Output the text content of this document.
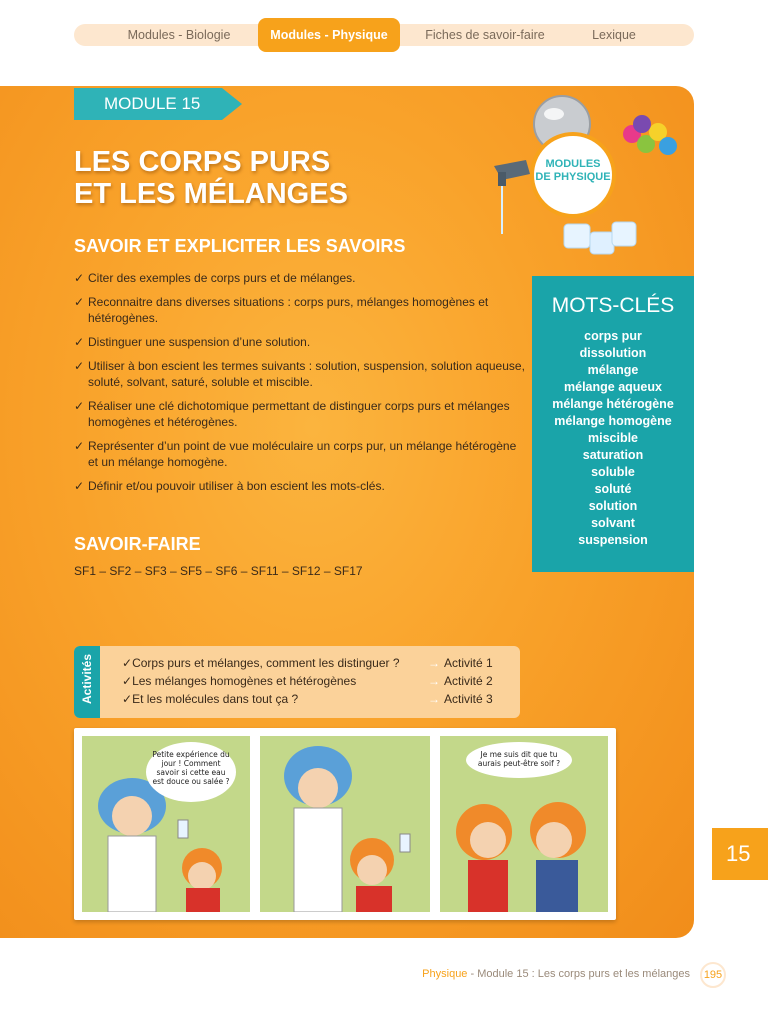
Modules - Biologie	Modules - Physique	Fiches de savoir-faire	Lexique
MODULE 15
LES CORPS PURS
ET LES MÉLANGES
MODULES
DE PHYSIQUE
SAVOIR ET EXPLICITER LES SAVOIRS
✓ Citer des exemples de corps purs et de mélanges.
✓ Reconnaitre dans diverses situations : corps purs, mélanges homogènes et hétérogènes.
✓ Distinguer une suspension d’une solution.
✓ Utiliser à bon escient les termes suivants : solution, suspension, solution aqueuse, soluté, solvant, saturé, soluble et miscible.
✓ Réaliser une clé dichotomique permettant de distinguer corps purs et mélanges homogènes et hétérogènes.
✓ Représenter d’un point de vue moléculaire un corps pur, un mélange hétérogène et un mélange homogène.
✓ Définir et/ou pouvoir utiliser à bon escient les mots-clés.
SAVOIR-FAIRE
SF1 – SF2 – SF3 – SF5 – SF6 – SF11 – SF12 – SF17
MOTS-CLÉS
corps pur
dissolution
mélange
mélange aqueux
mélange hétérogène
mélange homogène
miscible
saturation
soluble
soluté
solution
solvant
suspension
Activités ✓Corps purs et mélanges, comment les distinguer ? → Activité 1
✓Les mélanges homogènes et hétérogènes	→ Activité 2
✓Et les molécules dans tout ça ?	→ Activité 3
Petite expérience du jour ! Comment savoir si cette eau est douce ou salée ?
Je me suis dit que tu aurais peut-être soif ?
15
Physique - Module 15 : Les corps purs et les mélanges	195
